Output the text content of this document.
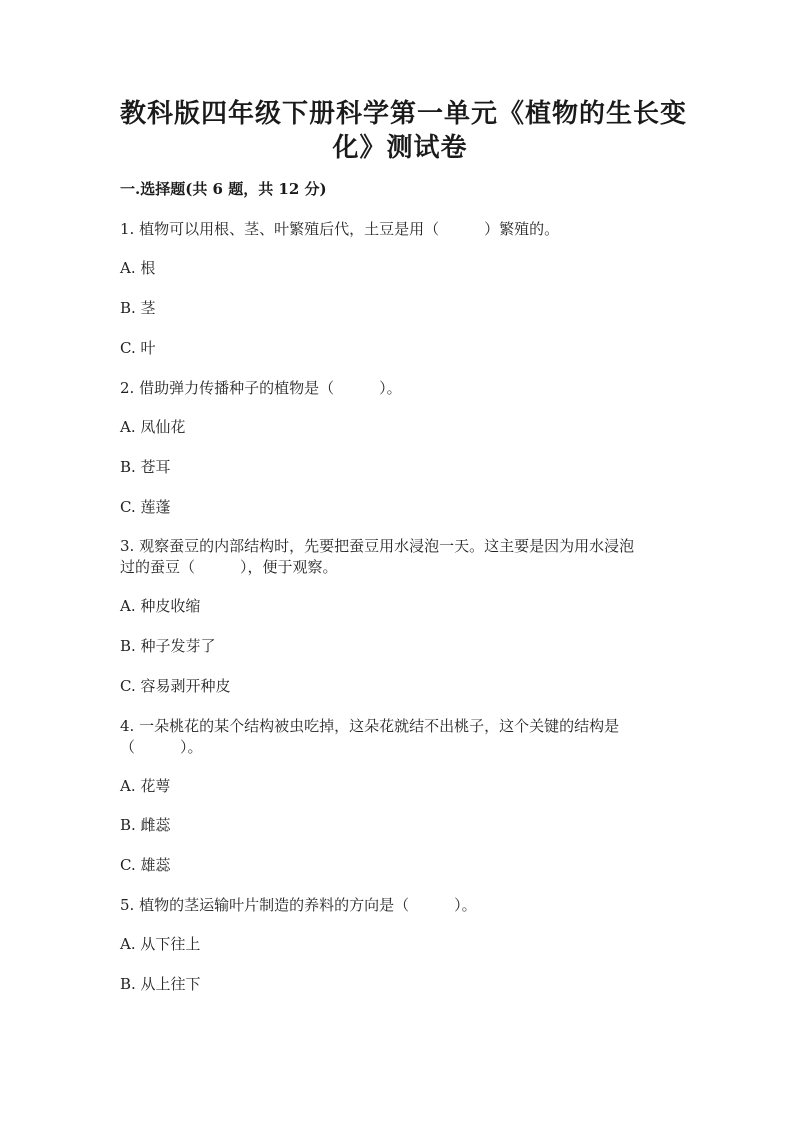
教科版四年级下册科学第一单元《植物的生长变
化》测试卷
一.选择题(共 6 题，共 12 分)
1. 植物可以用根、茎、叶繁殖后代，土豆是用（　　　）繁殖的。
A. 根
B. 茎
C. 叶
2. 借助弹力传播种子的植物是（　　　）。
A. 凤仙花
B. 苍耳
C. 莲蓬
3. 观察蚕豆的内部结构时，先要把蚕豆用水浸泡一天。这主要是因为用水浸泡
过的蚕豆（　　　），便于观察。
A. 种皮收缩
B. 种子发芽了
C. 容易剥开种皮
4. 一朵桃花的某个结构被虫吃掉，这朵花就结不出桃子，这个关键的结构是
（　　　）。
A. 花萼
B. 雌蕊
C. 雄蕊
5. 植物的茎运输叶片制造的养料的方向是（　　　）。
A. 从下往上
B. 从上往下
